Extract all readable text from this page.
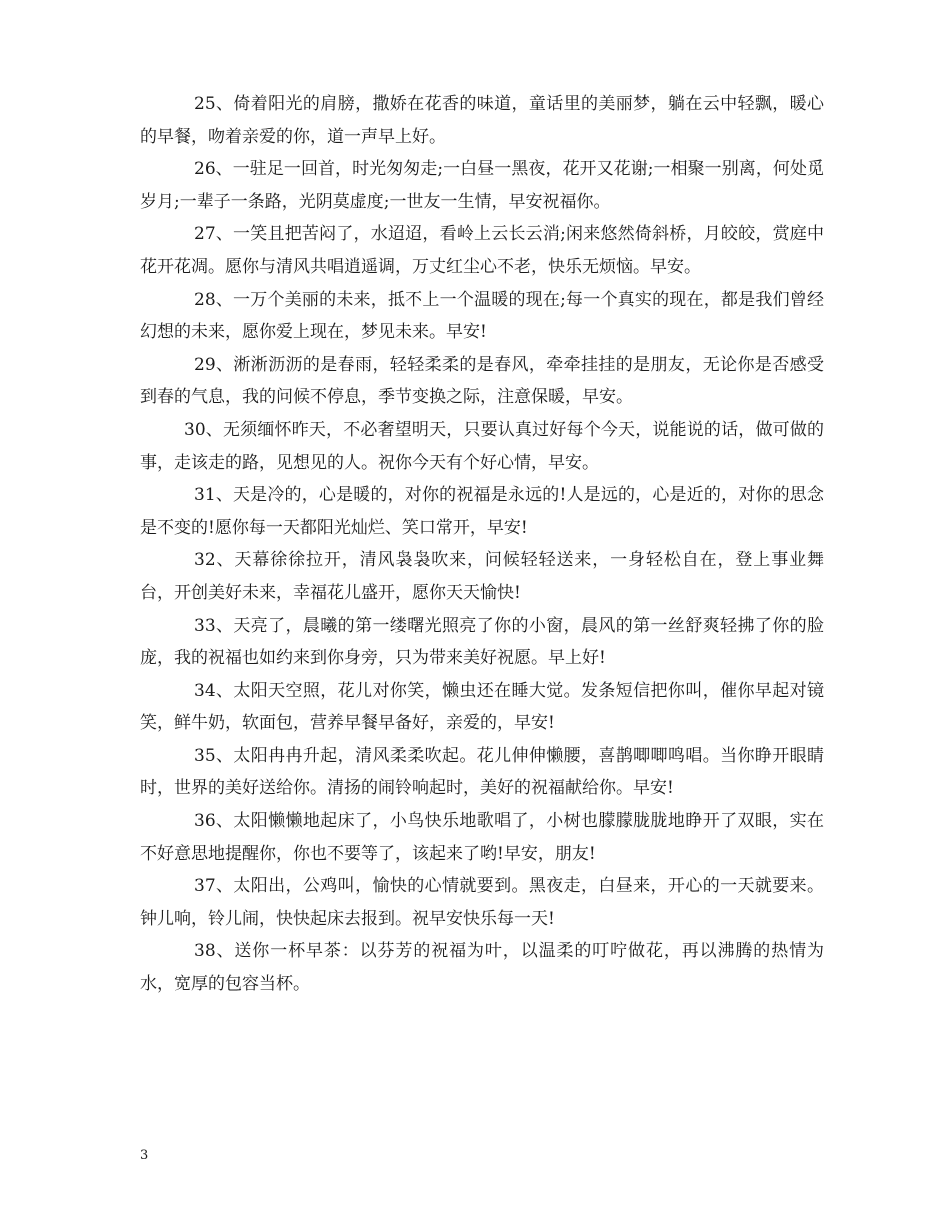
25、倚着阳光的肩膀，撒娇在花香的味道，童话里的美丽梦，躺在云中轻飘，暖心的早餐，吻着亲爱的你，道一声早上好。

26、一驻足一回首，时光匆匆走;一白昼一黑夜，花开又花谢;一相聚一别离，何处觅岁月;一辈子一条路，光阴莫虚度;一世友一生情，早安祝福你。

27、一笑且把苦闷了，水迢迢，看岭上云长云消;闲来悠然倚斜桥，月皎皎，赏庭中花开花凋。愿你与清风共唱逍遥调，万丈红尘心不老，快乐无烦恼。早安。

28、一万个美丽的未来，抵不上一个温暖的现在;每一个真实的现在，都是我们曾经幻想的未来，愿你爱上现在，梦见未来。早安!

29、淅淅沥沥的是春雨，轻轻柔柔的是春风，牵牵挂挂的是朋友，无论你是否感受到春的气息，我的问候不停息，季节变换之际，注意保暖，早安。

30、无须缅怀昨天，不必奢望明天，只要认真过好每个今天，说能说的话，做可做的事，走该走的路，见想见的人。祝你今天有个好心情，早安。

31、天是冷的，心是暖的，对你的祝福是永远的!人是远的，心是近的，对你的思念是不变的!愿你每一天都阳光灿烂、笑口常开，早安!

32、天幕徐徐拉开，清风袅袅吹来，问候轻轻送来，一身轻松自在，登上事业舞台，开创美好未来，幸福花儿盛开，愿你天天愉快!

33、天亮了，晨曦的第一缕曙光照亮了你的小窗，晨风的第一丝舒爽轻拂了你的脸庞，我的祝福也如约来到你身旁，只为带来美好祝愿。早上好!

34、太阳天空照，花儿对你笑，懒虫还在睡大觉。发条短信把你叫，催你早起对镜笑，鲜牛奶，软面包，营养早餐早备好，亲爱的，早安!

35、太阳冉冉升起，清风柔柔吹起。花儿伸伸懒腰，喜鹊唧唧鸣唱。当你睁开眼睛时，世界的美好送给你。清扬的闹铃响起时，美好的祝福献给你。早安!

36、太阳懒懒地起床了，小鸟快乐地歌唱了，小树也朦朦胧胧地睁开了双眼，实在不好意思地提醒你，你也不要等了，该起来了哟!早安，朋友!

37、太阳出，公鸡叫，愉快的心情就要到。黑夜走，白昼来，开心的一天就要来。钟儿响，铃儿闹，快快起床去报到。祝早安快乐每一天!

38、送你一杯早茶：以芬芳的祝福为叶，以温柔的叮咛做花，再以沸腾的热情为水，宽厚的包容当杯。

3
